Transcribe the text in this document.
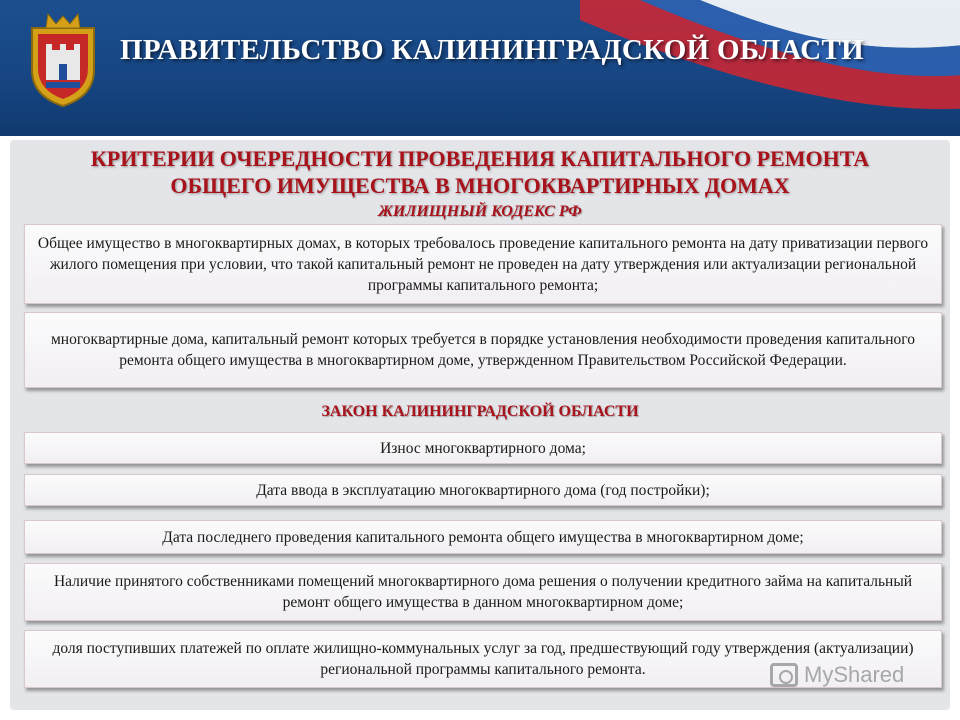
ПРАВИТЕЛЬСТВО КАЛИНИНГРАДСКОЙ ОБЛАСТИ
КРИТЕРИИ ОЧЕРЕДНОСТИ ПРОВЕДЕНИЯ КАПИТАЛЬНОГО РЕМОНТА
ОБЩЕГО ИМУЩЕСТВА В МНОГОКВАРТИРНЫХ ДОМАХ
ЖИЛИЩНЫЙ КОДЕКС РФ
Общее имущество в многоквартирных домах, в которых требовалось проведение капитального ремонта на дату приватизации первого жилого помещения при условии, что такой капитальный ремонт не проведен на дату утверждения или актуализации региональной программы капитального ремонта;
многоквартирные дома, капитальный ремонт которых требуется в порядке установления необходимости проведения капитального ремонта общего имущества в многоквартирном доме, утвержденном Правительством Российской Федерации.
ЗАКОН КАЛИНИНГРАДСКОЙ ОБЛАСТИ
Износ многоквартирного дома;
Дата ввода в эксплуатацию многоквартирного дома (год постройки);
Дата последнего проведения капитального ремонта общего имущества в многоквартирном доме;
Наличие принятого собственниками помещений многоквартирного дома решения о получении кредитного займа на капитальный ремонт общего имущества в данном многоквартирном доме;
доля поступивших платежей по оплате жилищно-коммунальных услуг за год, предшествующий году утверждения (актуализации) региональной программы капитального ремонта.	MyShared
